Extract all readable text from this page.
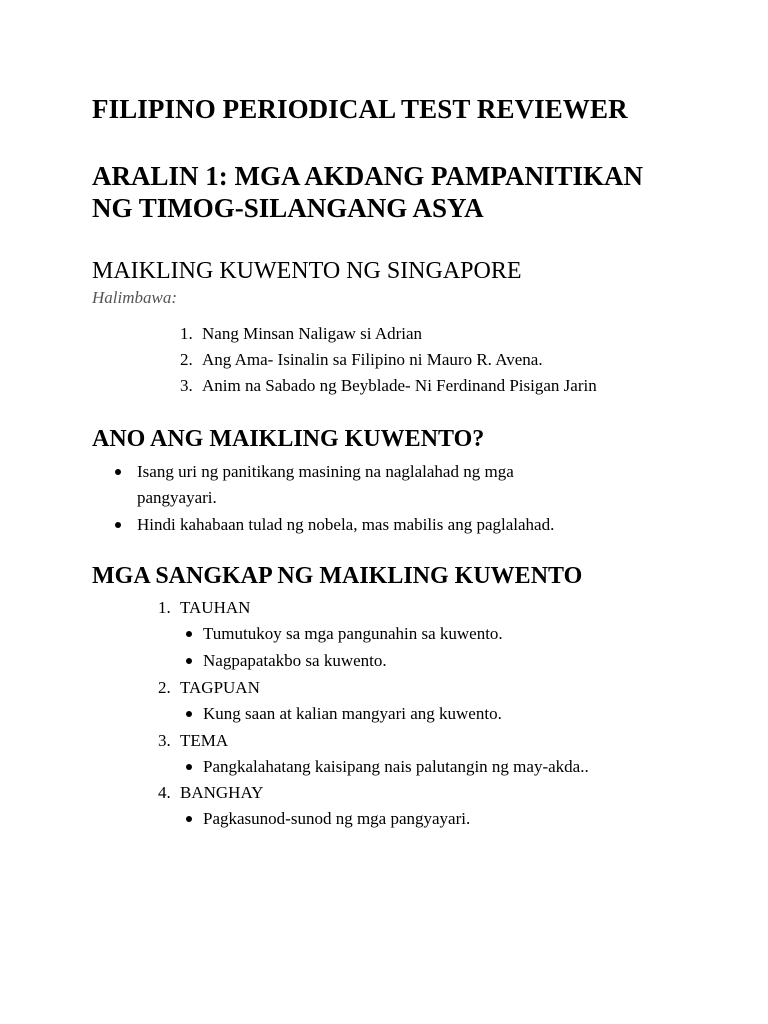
FILIPINO PERIODICAL TEST REVIEWER
ARALIN 1: MGA AKDANG PAMPANITIKAN
NG TIMOG-SILANGANG ASYA
MAIKLING KUWENTO NG SINGAPORE
Halimbawa:
1. Nang Minsan Naligaw si Adrian
2. Ang Ama- Isinalin sa Filipino ni Mauro R. Avena.
3. Anim na Sabado ng Beyblade- Ni Ferdinand Pisigan Jarin
ANO ANG MAIKLING KUWENTO?
Isang uri ng panitikang masining na naglalahad ng mga
pangyayari.
Hindi kahabaan tulad ng nobela, mas mabilis ang paglalahad.
MGA SANGKAP NG MAIKLING KUWENTO
1. TAUHAN
Tumutukoy sa mga pangunahin sa kuwento.
Nagpapatakbo sa kuwento.
2. TAGPUAN
Kung saan at kalian mangyari ang kuwento.
3. TEMA
Pangkalahatang kaisipang nais palutangin ng may-akda..
4. BANGHAY
Pagkasunod-sunod ng mga pangyayari.
